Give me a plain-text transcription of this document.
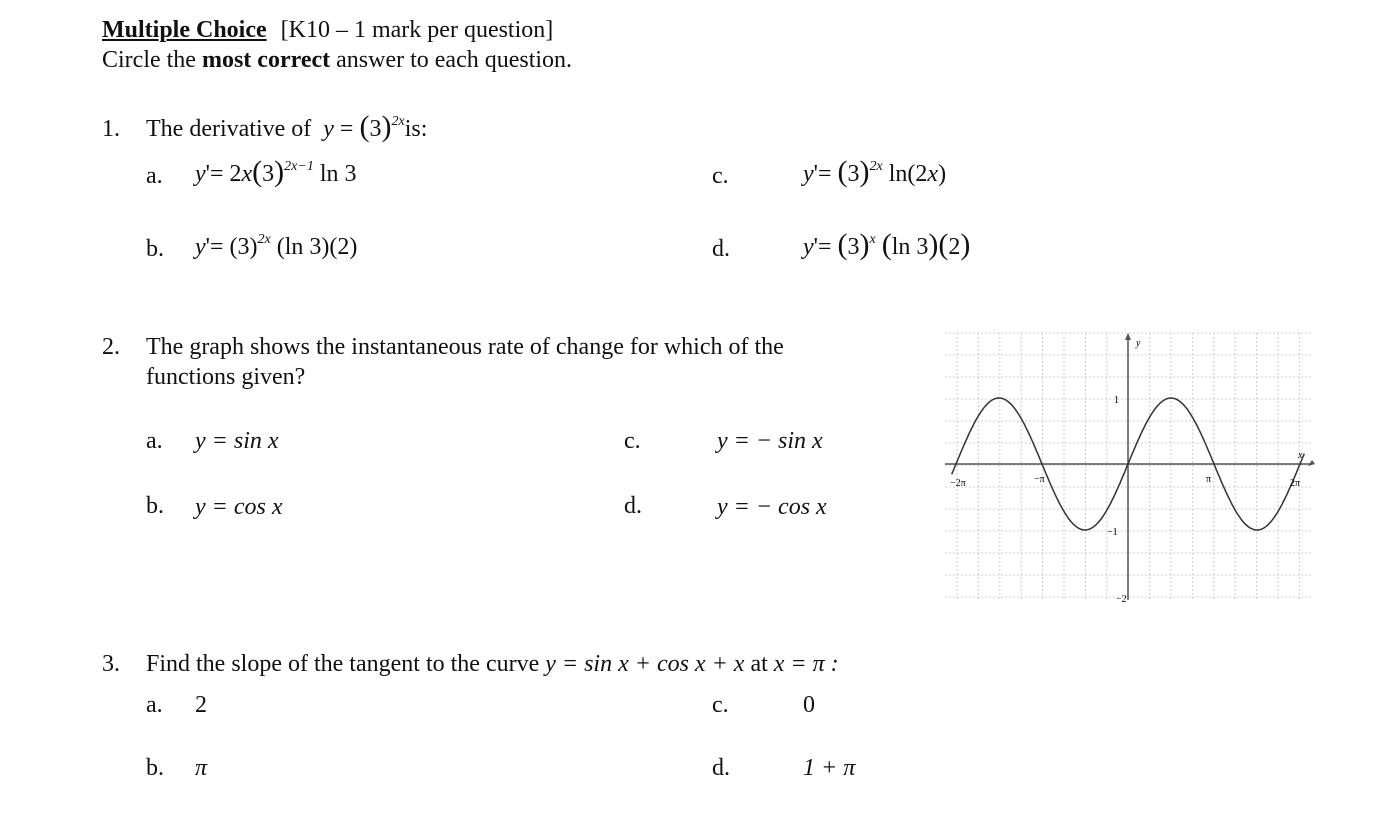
Multiple Choice [K10 – 1 mark per question]
Circle the most correct answer to each question.
1. The derivative of  $y = (3)^{2x}is$:
a. $y'= 2x(3)^{2x-1}$ ln 3
b. $y'= (3)^{2x}$ (ln 3)(2)
c.	$y'= (3)^{2x}$ ln(2x)
d.	$y'= (3)^x$ (ln 3)(2)
2. The graph shows the instantaneous rate of change for which of the
functions given?
a. y = sin x
b. y = cos x
c.	y = − sin x
d.	y = − cos x
y
1
−1
−2
−2π	−π	π	2π
x
3. Find the slope of the tangent to the curve y = sin x + cos x + x at x = π :
a. 2
b. π
c.	0
d.	1 + π
